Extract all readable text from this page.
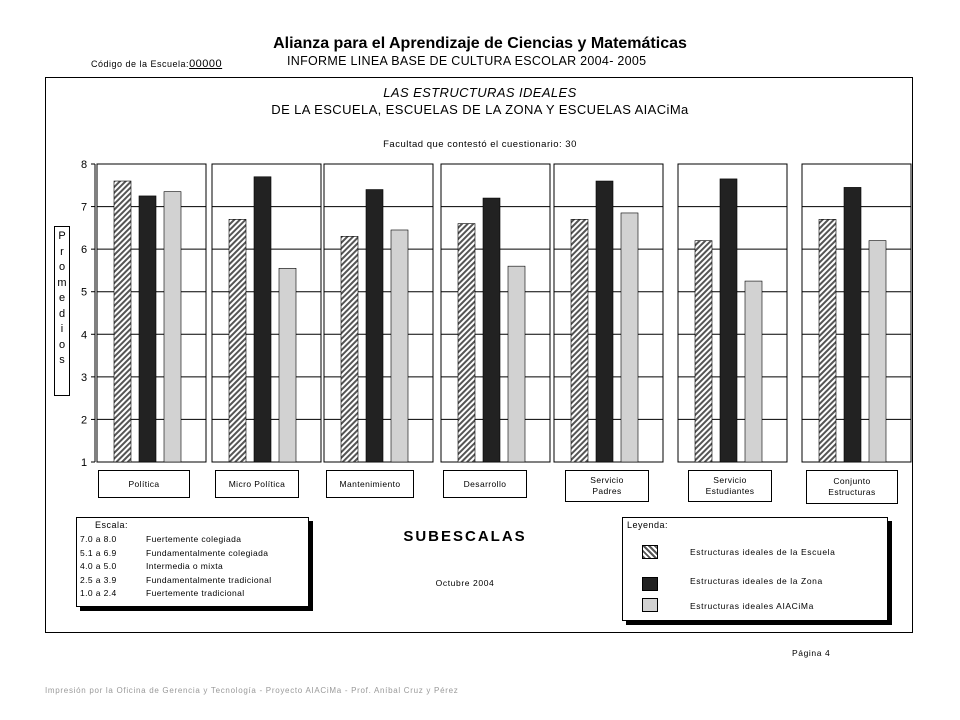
Alianza para el Aprendizaje de Ciencias y Matemáticas
Código de la Escuela:00000	INFORME LINEA BASE DE CULTURA ESCOLAR 2004- 2005
LAS ESTRUCTURAS IDEALES
DE LA ESCUELA, ESCUELAS DE LA ZONA Y ESCUELAS AIACiMa
Facultad que contestó el cuestionario: 30
P
r
o
m
e
d
i
o
s
1
2
3
4
5
6
7
8
Política	Micro Política	Mantenimiento	Desarrollo	Servicio
Padres
Servicio
Estudiantes
Conjunto
Estructuras
Escala:
7.0 a 8.0	Fuertemente colegiada
5.1 a 6.9	Fundamentalmente colegiada
4.0 a 5.0	Intermedia o mixta
2.5 a 3.9	Fundamentalmente tradicional
1.0 a 2.4	Fuertemente tradicional
SUBESCALAS
Octubre 2004
Leyenda:
Estructuras ideales de la Escuela
Estructuras ideales de la Zona
Estructuras ideales AIACiMa
Página 4
Impresión por la Oficina de Gerencia y Tecnología - Proyecto AIACiMa - Prof. Aníbal Cruz y Pérez
